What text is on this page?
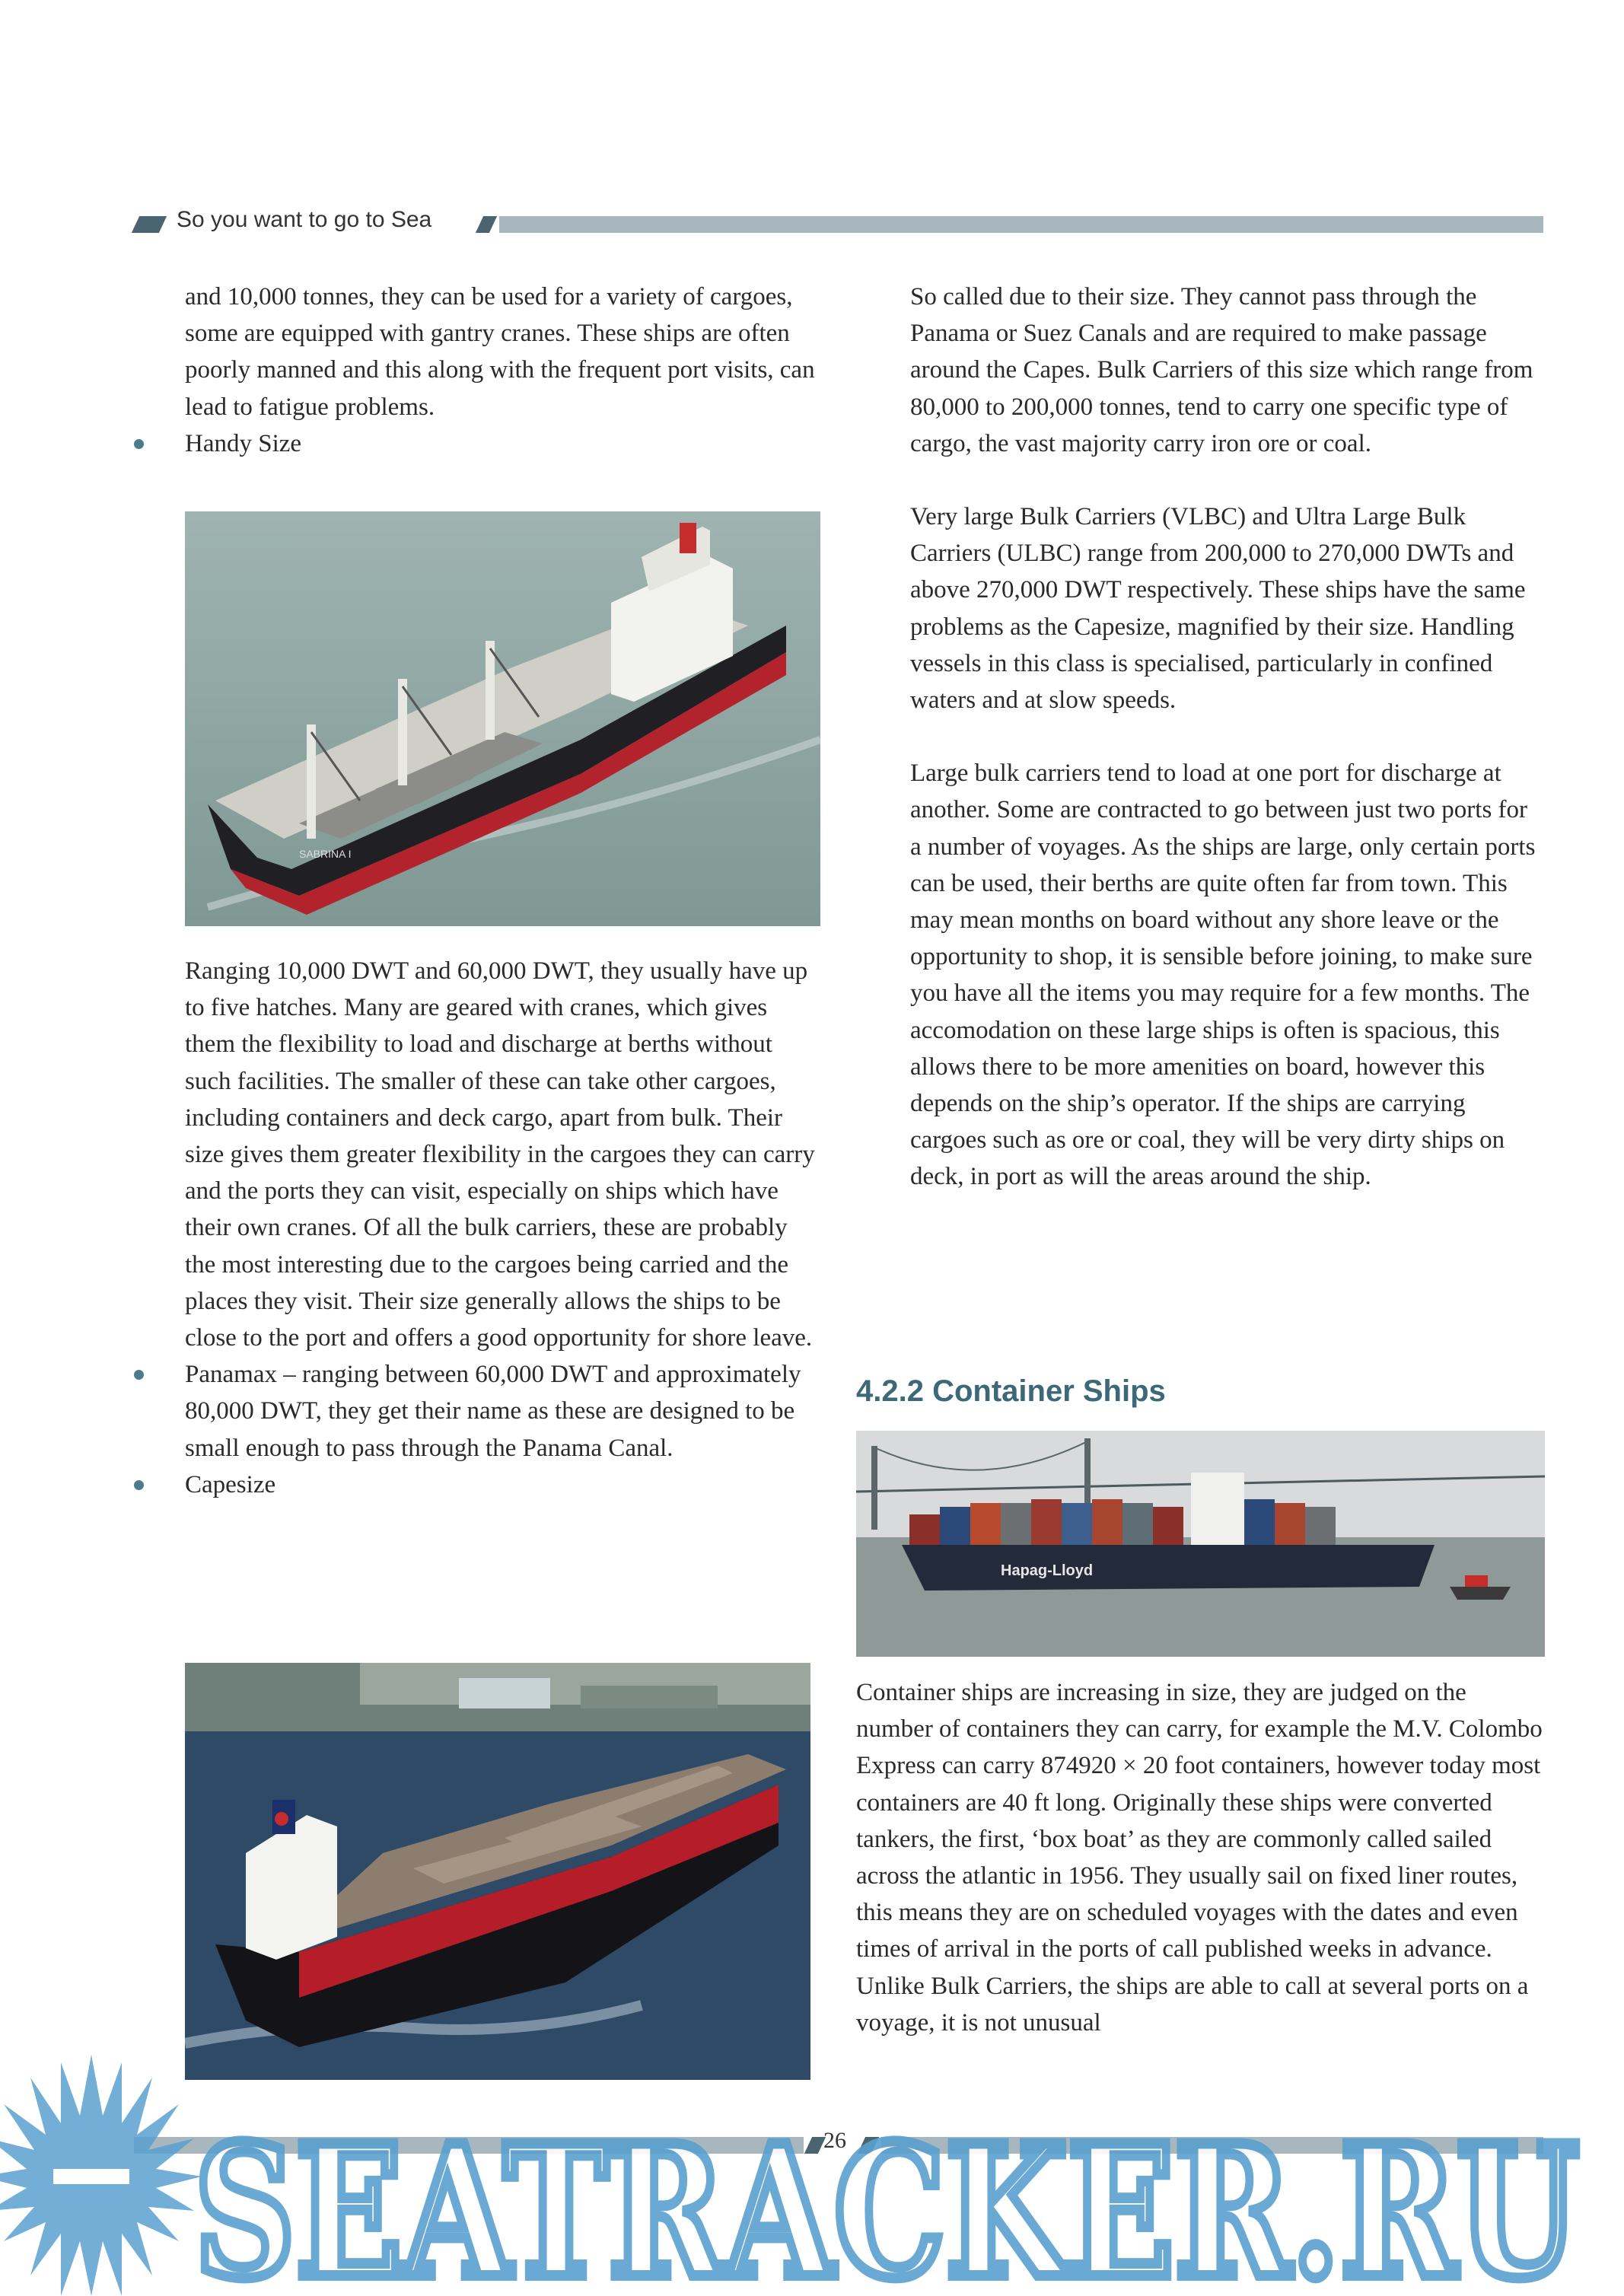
So you want to go to Sea

and 10,000 tonnes, they can be used for a variety of cargoes, some are equipped with gantry cranes. These ships are often poorly manned and this along with the frequent port visits, can lead to fatigue problems.

Handy Size

SABRINA I

Ranging 10,000 DWT and 60,000 DWT, they usually have up to five hatches. Many are geared with cranes, which gives them the flexibility to load and discharge at berths without such facilities. The smaller of these can take other cargoes, including containers and deck cargo, apart from bulk. Their size gives them greater flexibility in the cargoes they can carry and the ports they can visit, especially on ships which have their own cranes. Of all the bulk carriers, these are probably the most interesting due to the cargoes being carried and the places they visit. Their size generally allows the ships to be close to the port and offers a good opportunity for shore leave.

Panamax – ranging between 60,000 DWT and approximately 80,000 DWT, they get their name as these are designed to be small enough to pass through the Panama Canal.

Capesize

So called due to their size. They cannot pass through the Panama or Suez Canals and are required to make passage around the Capes. Bulk Carriers of this size which range from 80,000 to 200,000 tonnes, tend to carry one specific type of cargo, the vast majority carry iron ore or coal.

Very large Bulk Carriers (VLBC) and Ultra Large Bulk Carriers (ULBC) range from 200,000 to 270,000 DWTs and above 270,000 DWT respectively. These ships have the same problems as the Capesize, magnified by their size. Handling vessels in this class is specialised, particularly in confined waters and at slow speeds.

Large bulk carriers tend to load at one port for discharge at another. Some are contracted to go between just two ports for a number of voyages. As the ships are large, only certain ports can be used, their berths are quite often far from town. This may mean months on board without any shore leave or the opportunity to shop, it is sensible before joining, to make sure you have all the items you may require for a few months. The accomodation on these large ships is often is spacious, this allows there to be more amenities on board, however this depends on the ship’s operator. If the ships are carrying cargoes such as ore or coal, they will be very dirty ships on deck, in port as will the areas around the ship.

4.2.2 Container Ships
Hapag-Lloyd

Container ships are increasing in size, they are judged on the number of containers they can carry, for example the M.V. Colombo Express can carry 874920 × 20 foot containers, however today most containers are 40 ft long. Originally these ships were converted tankers, the first, ‘box boat’ as they are commonly called sailed across the atlantic in 1956. They usually sail on fixed liner routes, this means they are on scheduled voyages with the dates and even times of arrival in the ports of call published weeks in advance. Unlike Bulk Carriers, the ships are able to call at several ports on a voyage, it is not unusual

26
SEATRACKER.RU
